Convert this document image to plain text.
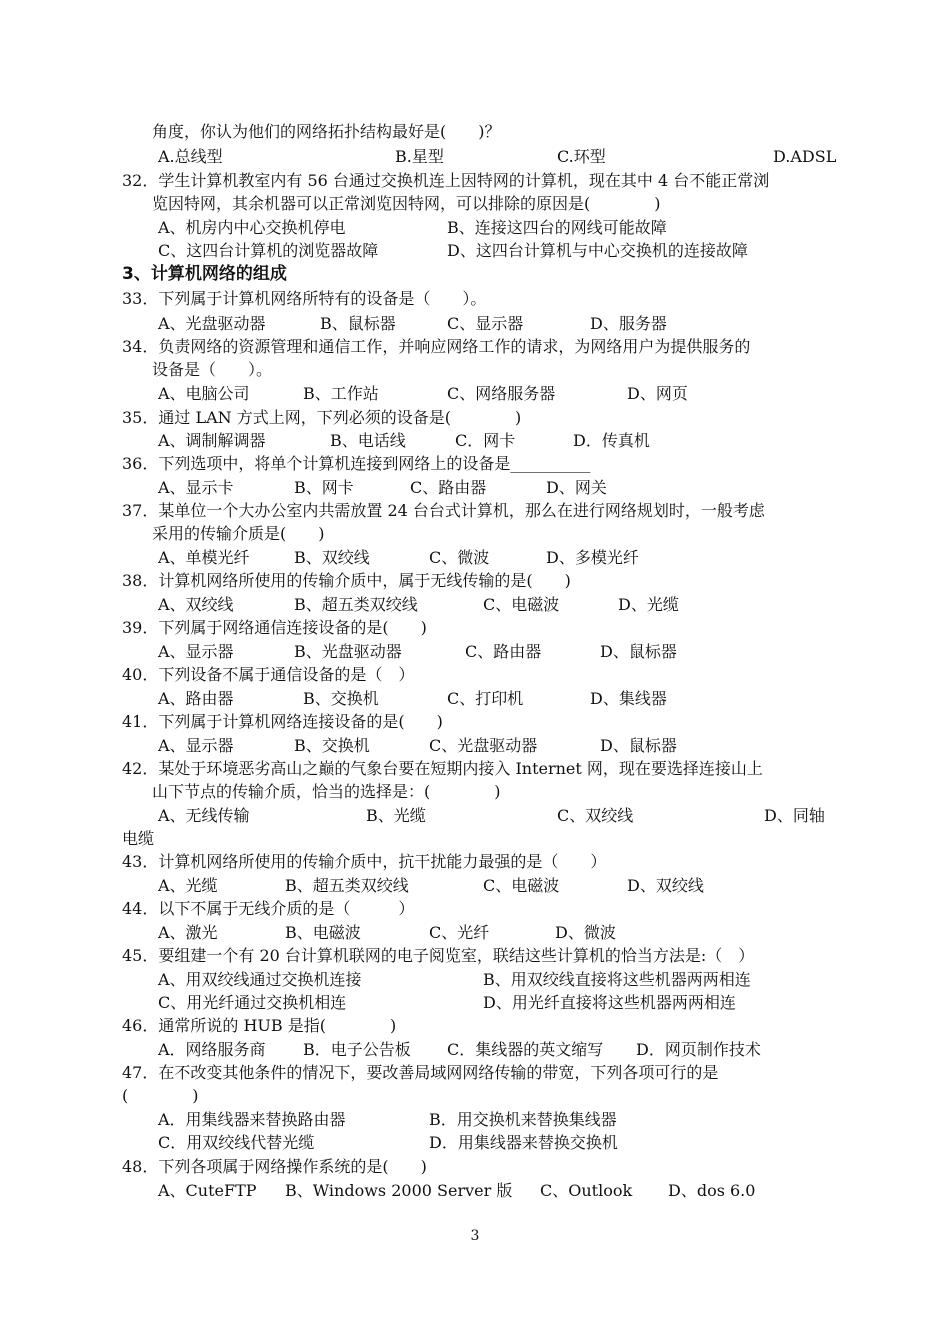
角度，你认为他们的网络拓扑结构最好是(　　)？
A.总线型	B.星型	C.环型	D.ADSL
32．学生计算机教室内有 56 台通过交换机连上因特网的计算机，现在其中 4 台不能正常浏
览因特网，其余机器可以正常浏览因特网，可以排除的原因是(　　　　)
A、机房内中心交换机停电	B、连接这四台的网线可能故障
C、这四台计算机的浏览器故障	D、这四台计算机与中心交换机的连接故障
3、计算机网络的组成
33．下列属于计算机网络所特有的设备是（　　）。
A、光盘驱动器	B、鼠标器	C、显示器	D、服务器
34．负责网络的资源管理和通信工作，并响应网络工作的请求，为网络用户为提供服务的
设备是（　　）。
A、电脑公司	B、工作站	C、网络服务器	D、网页
35．通过 LAN 方式上网，下列必须的设备是(　　　　)
A、调制解调器	B、电话线	C．网卡	D．传真机
36．下列选项中，将单个计算机连接到网络上的设备是__________
A、显示卡	B、网卡	C、路由器	D、网关
37．某单位一个大办公室内共需放置 24 台台式计算机，那么在进行网络规划时，一般考虑
采用的传输介质是(　　)
A、单模光纤	B、双绞线	C、微波	D、多模光纤
38．计算机网络所使用的传输介质中，属于无线传输的是(　　)
A、双绞线	B、超五类双绞线	C、电磁波	D、光缆
39．下列属于网络通信连接设备的是(　　)
A、显示器	B、光盘驱动器	C、路由器	D、鼠标器
40．下列设备不属于通信设备的是（　）
A、路由器	B、交换机	C、打印机	D、集线器
41．下列属于计算机网络连接设备的是(　　)
A、显示器	B、交换机	C、光盘驱动器	D、鼠标器
42．某处于环境恶劣高山之巅的气象台要在短期内接入 Internet 网，现在要选择连接山上
山下节点的传输介质，恰当的选择是：(　　　　)
A、无线传输	B、光缆	C、双绞线	D、同轴
电缆
43．计算机网络所使用的传输介质中，抗干扰能力最强的是（　　）
A、光缆	B、超五类双绞线	C、电磁波	D、双绞线
44．以下不属于无线介质的是（　　　）
A、激光	B、电磁波	C、光纤	D、微波
45．要组建一个有 20 台计算机联网的电子阅览室，联结这些计算机的恰当方法是:（　）
A、用双绞线通过交换机连接	B、用双绞线直接将这些机器两两相连
C、用光纤通过交换机相连	D、用光纤直接将这些机器两两相连
46．通常所说的 HUB 是指(　　　　)
A．网络服务商 B．电子公告板 C．集线器的英文缩写 D．网页制作技术
47．在不改变其他条件的情况下，要改善局域网网络传输的带宽，下列各项可行的是
(　　　　)
A．用集线器来替换路由器	B．用交换机来替换集线器
C．用双绞线代替光缆	D．用集线器来替换交换机
48．下列各项属于网络操作系统的是(　　)
A、CuteFTP B、Windows 2000 Server 版 C、Outlook D、dos 6.0
3
